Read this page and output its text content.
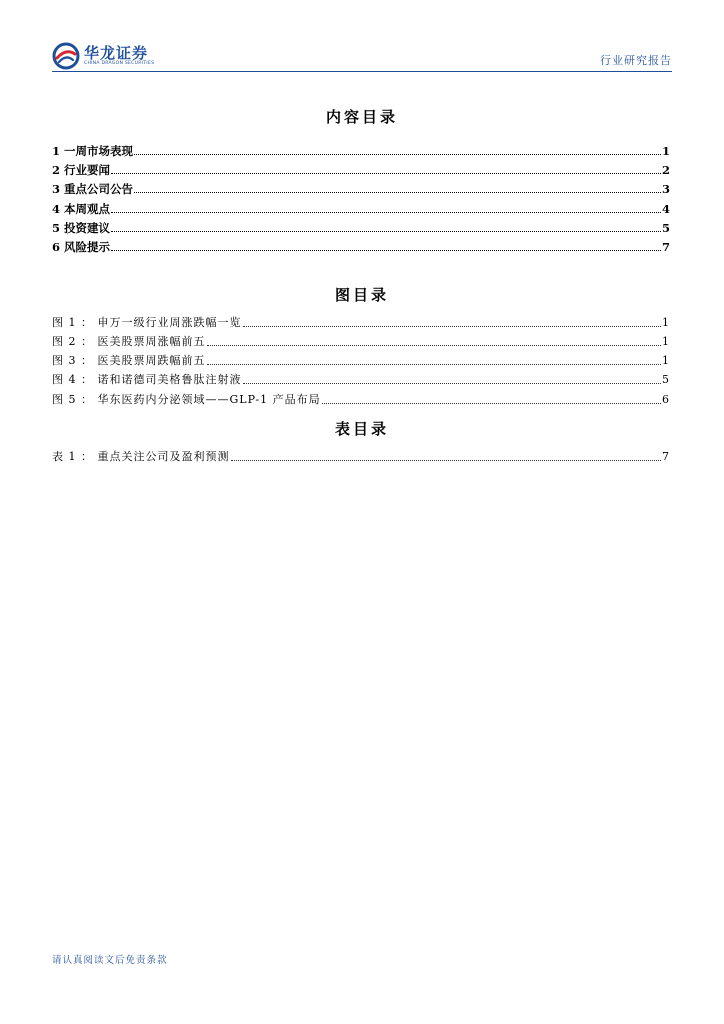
华龙证券
CHINA DRAGON SECURITIES	行业研究报告
内容目录
1 一周市场表现	1
2 行业要闻	2
3 重点公司公告	3
4 本周观点	4
5 投资建议	5
6 风险提示	7
图目录
图 1 ： 申万一级行业周涨跌幅一览	1
图 2 ： 医美股票周涨幅前五	1
图 3 ： 医美股票周跌幅前五	1
图 4 ： 诺和诺德司美格鲁肽注射液	5
图 5 ： 华东医药内分泌领域——GLP-1 产品布局	6
表目录
表 1 ： 重点关注公司及盈利预测	7
请认真阅读文后免责条款
